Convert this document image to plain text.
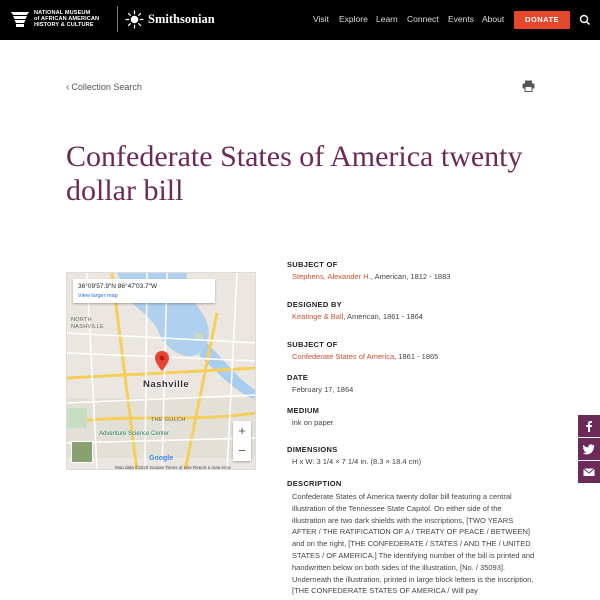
NATIONAL MUSEUM
of AFRICAN AMERICAN
HISTORY & CULTURE	Smithsonian	Visit Explore Learn Connect Events About	DONATE
‹ Collection Search
Confederate States of America twenty dollar bill
36°09'57.9"N 86°47'03.7"W
View larger map
NORTH
NASHVILLE
Nashville
THE GULCH
Adventure Science Center	+
−
Google
Map data ©2020 Google Terms of Use Report a map error
SUBJECT OF
Stephens, Alexander H., American, 1812 - 1883
DESIGNED BY
Keatinge & Ball, American, 1861 - 1864
SUBJECT OF
Confederate States of America, 1861 - 1865
DATE
February 17, 1864
MEDIUM
ink on paper
DIMENSIONS
H x W: 3 1/4 × 7 1/4 in. (8.3 × 18.4 cm)
DESCRIPTION
Confederate States of America twenty dollar bill featuring a central illustration of the Tennessee State Capitol. On either side of the illustration are two dark shields with the inscriptions, [TWO YEARS AFTER / THE RATIFICATION OF A / TREATY OF PEACE / BETWEEN] and on the right, [THE CONFEDERATE / STATES / AND THE / UNITED STATES / OF AMERICA.] The identifying number of the bill is printed and handwritten below on both sides of the illustration, [No. / 35093]. Underneath the illustration, printed in large block letters is the inscription, [THE CONFEDERATE STATES OF AMERICA / Will pay
